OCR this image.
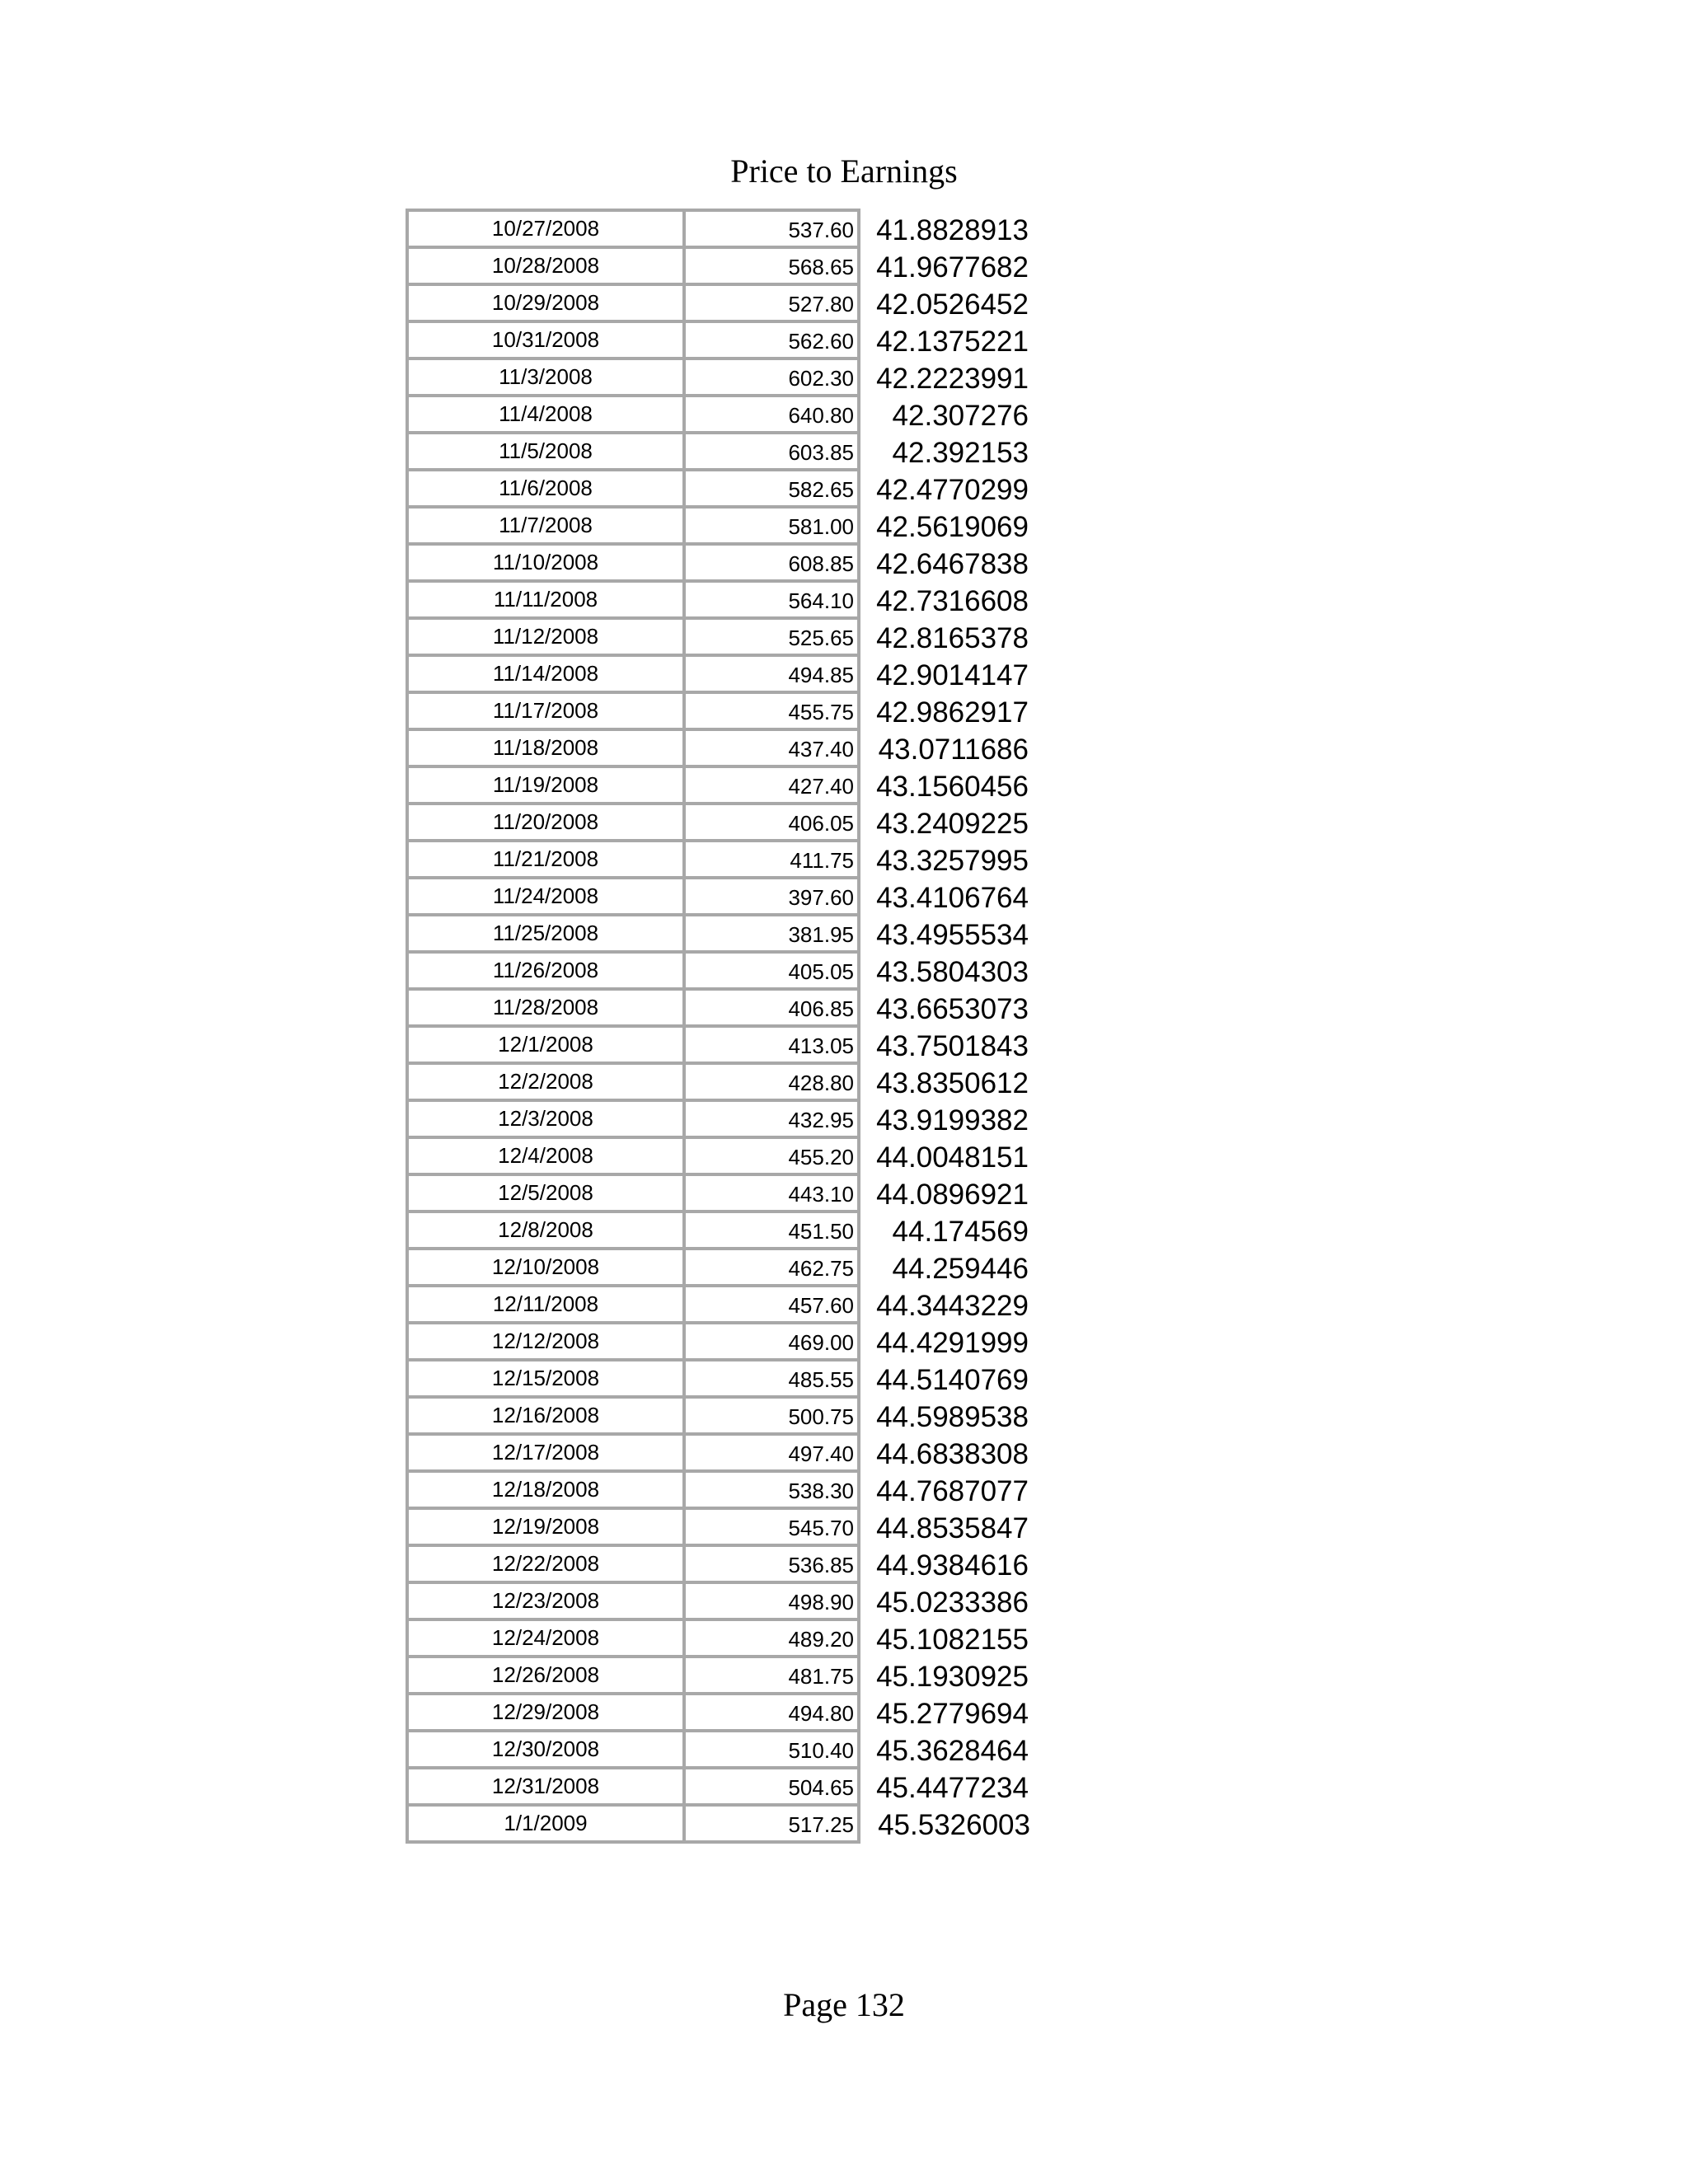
Price to Earnings
10/27/2008	537.60	41.8828913
10/28/2008	568.65	41.9677682
10/29/2008	527.80	42.0526452
10/31/2008	562.60	42.1375221
11/3/2008	602.30	42.2223991
11/4/2008	640.80	42.307276
11/5/2008	603.85	42.392153
11/6/2008	582.65	42.4770299
11/7/2008	581.00	42.5619069
11/10/2008	608.85	42.6467838
11/11/2008	564.10	42.7316608
11/12/2008	525.65	42.8165378
11/14/2008	494.85	42.9014147
11/17/2008	455.75	42.9862917
11/18/2008	437.40	43.0711686
11/19/2008	427.40	43.1560456
11/20/2008	406.05	43.2409225
11/21/2008	411.75	43.3257995
11/24/2008	397.60	43.4106764
11/25/2008	381.95	43.4955534
11/26/2008	405.05	43.5804303
11/28/2008	406.85	43.6653073
12/1/2008	413.05	43.7501843
12/2/2008	428.80	43.8350612
12/3/2008	432.95	43.9199382
12/4/2008	455.20	44.0048151
12/5/2008	443.10	44.0896921
12/8/2008	451.50	44.174569
12/10/2008	462.75	44.259446
12/11/2008	457.60	44.3443229
12/12/2008	469.00	44.4291999
12/15/2008	485.55	44.5140769
12/16/2008	500.75	44.5989538
12/17/2008	497.40	44.6838308
12/18/2008	538.30	44.7687077
12/19/2008	545.70	44.8535847
12/22/2008	536.85	44.9384616
12/23/2008	498.90	45.0233386
12/24/2008	489.20	45.1082155
12/26/2008	481.75	45.1930925
12/29/2008	494.80	45.2779694
12/30/2008	510.40	45.3628464
12/31/2008	504.65	45.4477234
1/1/2009	517.25	45.5326003
Page 132
